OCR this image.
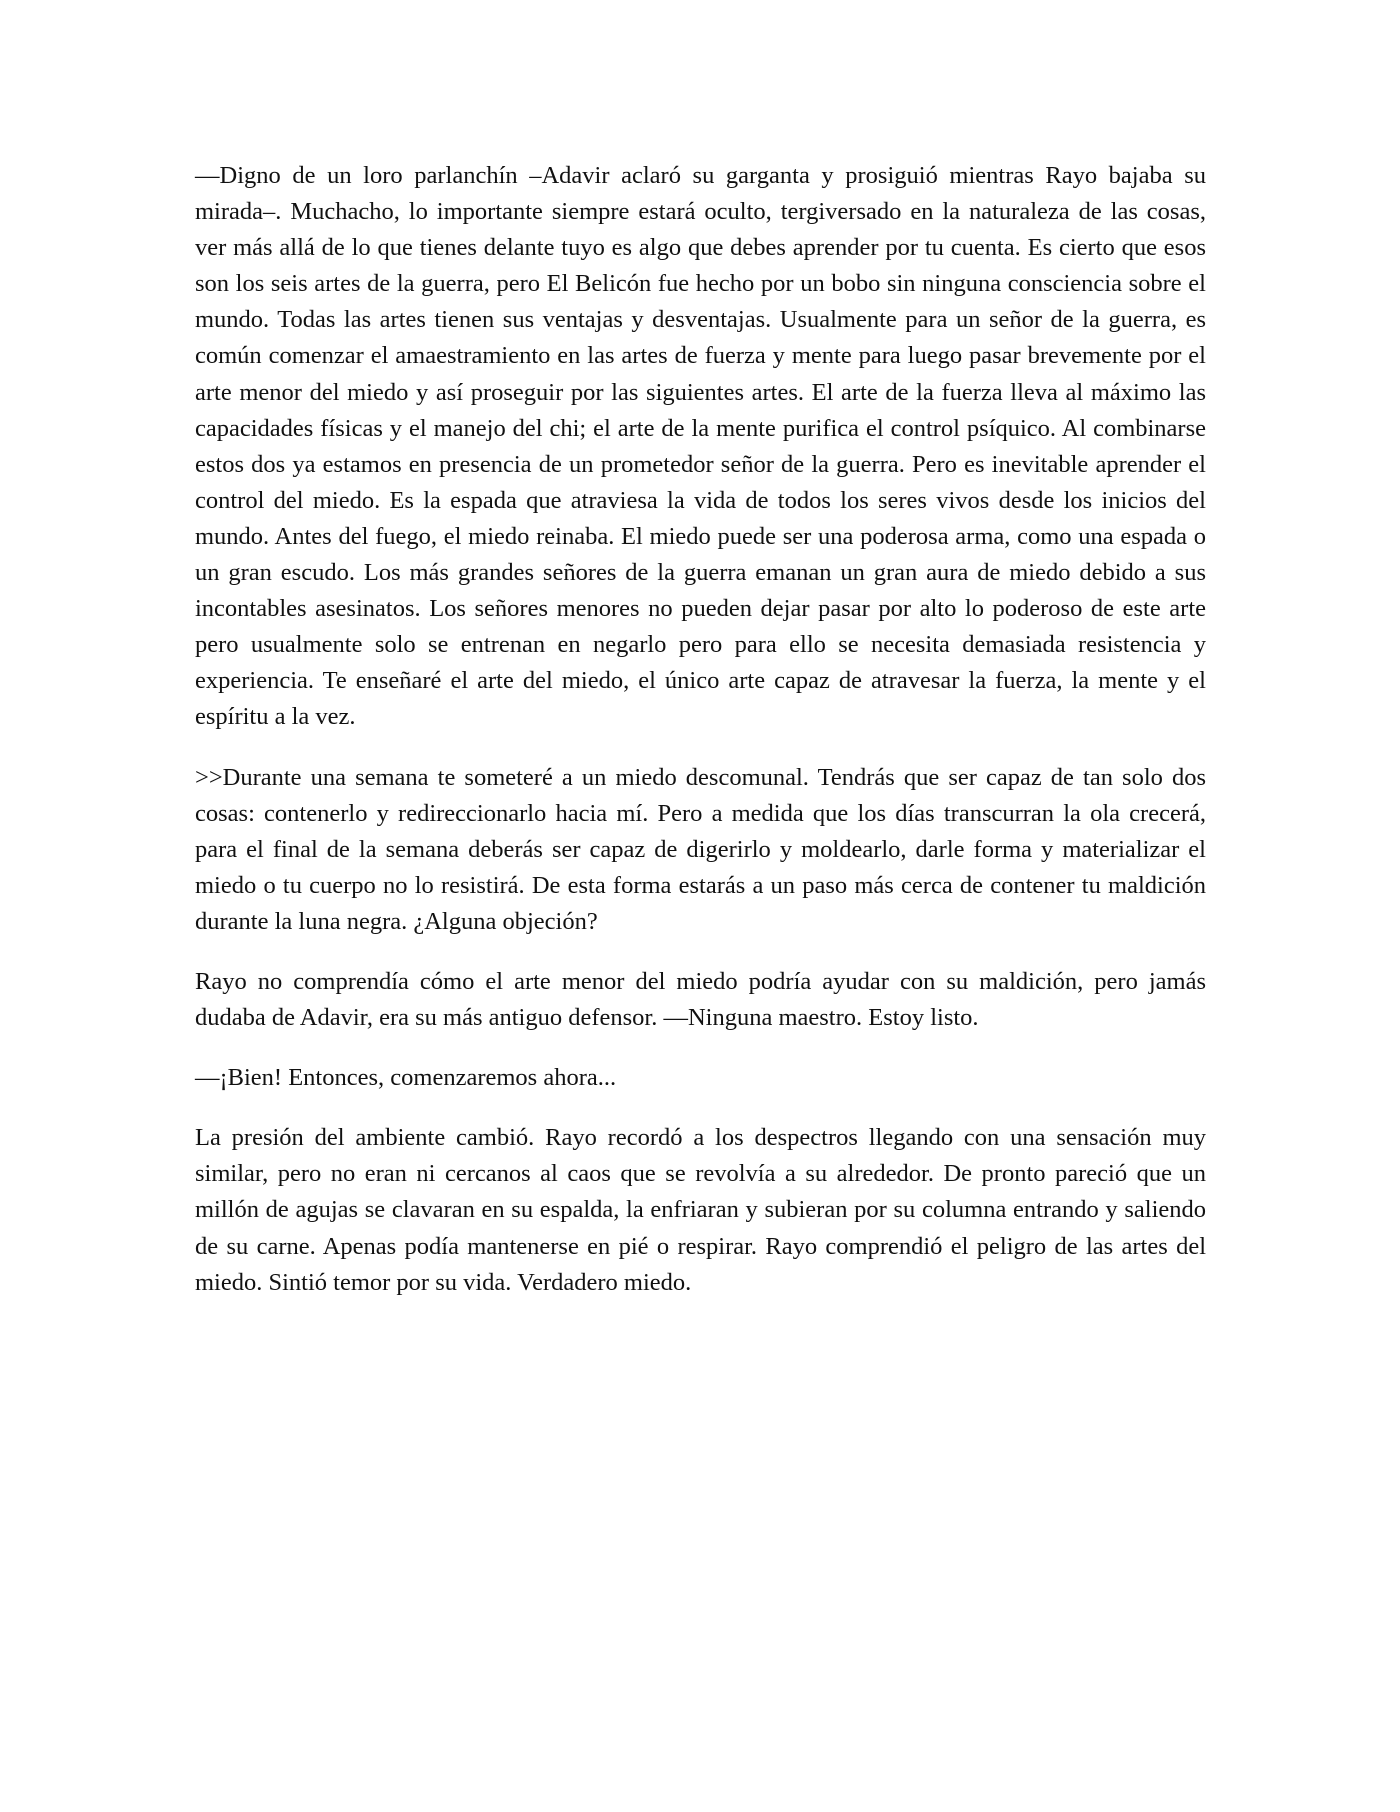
—Digno de un loro parlanchín –Adavir aclaró su garganta y prosiguió mientras Rayo bajaba su mirada–. Muchacho, lo importante siempre estará oculto, tergiversado en la naturaleza de las cosas, ver más allá de lo que tienes delante tuyo es algo que debes aprender por tu cuenta. Es cierto que esos son los seis artes de la guerra, pero El Belicón fue hecho por un bobo sin ninguna consciencia sobre el mundo. Todas las artes tienen sus ventajas y desventajas. Usualmente para un señor de la guerra, es común comenzar el amaestramiento en las artes de fuerza y mente para luego pasar brevemente por el arte menor del miedo y así proseguir por las siguientes artes. El arte de la fuerza lleva al máximo las capacidades físicas y el manejo del chi; el arte de la mente purifica el control psíquico. Al combinarse estos dos ya estamos en presencia de un prometedor señor de la guerra. Pero es inevitable aprender el control del miedo. Es la espada que atraviesa la vida de todos los seres vivos desde los inicios del mundo. Antes del fuego, el miedo reinaba. El miedo puede ser una poderosa arma, como una espada o un gran escudo. Los más grandes señores de la guerra emanan un gran aura de miedo debido a sus incontables asesinatos. Los señores menores no pueden dejar pasar por alto lo poderoso de este arte pero usualmente solo se entrenan en negarlo pero para ello se necesita demasiada resistencia y experiencia. Te enseñaré el arte del miedo, el único arte capaz de atravesar la fuerza, la mente y el espíritu a la vez.

>>Durante una semana te someteré a un miedo descomunal. Tendrás que ser capaz de tan solo dos cosas: contenerlo y redireccionarlo hacia mí. Pero a medida que los días transcurran la ola crecerá, para el final de la semana deberás ser capaz de digerirlo y moldearlo, darle forma y materializar el miedo o tu cuerpo no lo resistirá. De esta forma estarás a un paso más cerca de contener tu maldición durante la luna negra. ¿Alguna objeción?

Rayo no comprendía cómo el arte menor del miedo podría ayudar con su maldición, pero jamás dudaba de Adavir, era su más antiguo defensor. —Ninguna maestro. Estoy listo.

—¡Bien! Entonces, comenzaremos ahora...

La presión del ambiente cambió. Rayo recordó a los despectros llegando con una sensación muy similar, pero no eran ni cercanos al caos que se revolvía a su alrededor. De pronto pareció que un millón de agujas se clavaran en su espalda, la enfriaran y subieran por su columna entrando y saliendo de su carne. Apenas podía mantenerse en pié o respirar. Rayo comprendió el peligro de las artes del miedo. Sintió temor por su vida. Verdadero miedo.
